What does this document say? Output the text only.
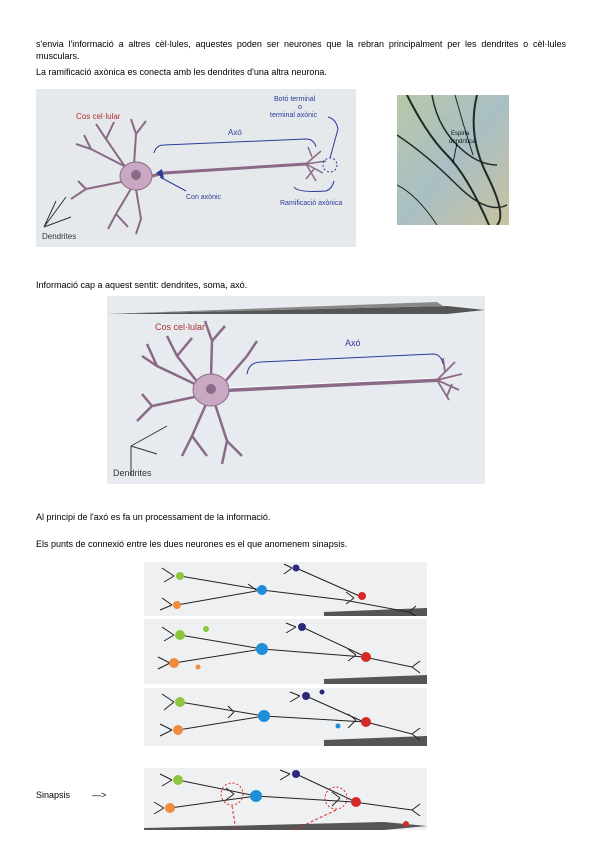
s'envia l'informació a altres cèl·lules, aquestes poden ser neurones que la rebran principalment per les dendrites o cèl·lules musculars.
La ramificació axònica es conecta amb les dendrites d'una altra neurona.
Cos cel·lular
Axó
Botó terminal
o
terminal axònic
Con axònic
Ramificació axònica
Dendrites
Espina
dendrítica
Informació cap a aquest sentit: dendrites, soma, axó.
Cos cel·lular
Axó
Dendrites
Al principi de l'axó es fa un processament de la informació.
Els punts de connexió entre les dues neurones es el que anomenem sinapsis.
Sinapsis —>
